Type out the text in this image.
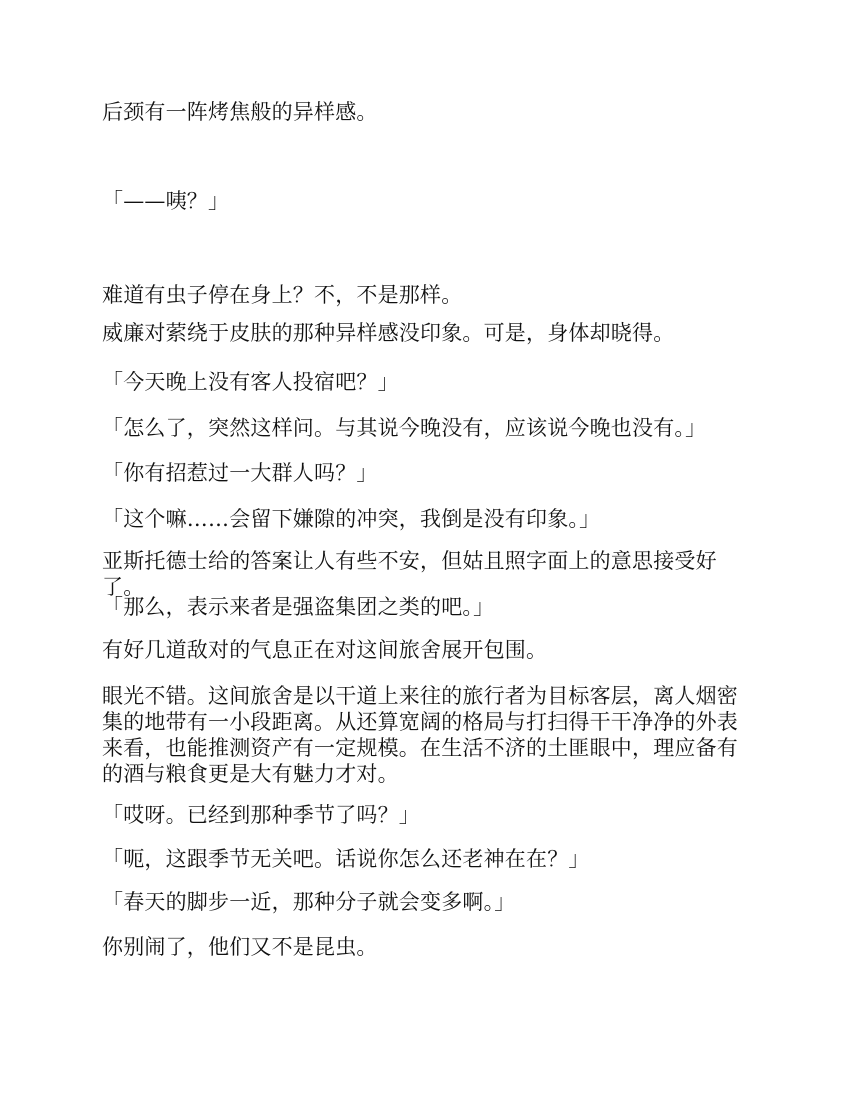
后颈有一阵烤焦般的异样感。

「——咦？」

难道有虫子停在身上？不，不是那样。

威廉对萦绕于皮肤的那种异样感没印象。可是，身体却晓得。

「今天晚上没有客人投宿吧？」

「怎么了，突然这样问。与其说今晚没有，应该说今晚也没有。」

「你有招惹过一大群人吗？」

「这个嘛……会留下嫌隙的冲突，我倒是没有印象。」

亚斯托德士给的答案让人有些不安，但姑且照字面上的意思接受好了。

「那么，表示来者是强盗集团之类的吧。」

有好几道敌对的气息正在对这间旅舍展开包围。

眼光不错。这间旅舍是以干道上来往的旅行者为目标客层，离人烟密集的地带有一小段距离。从还算宽阔的格局与打扫得干干净净的外表来看，也能推测资产有一定规模。在生活不济的土匪眼中，理应备有的酒与粮食更是大有魅力才对。

「哎呀。已经到那种季节了吗？」

「呃，这跟季节无关吧。话说你怎么还老神在在？」

「春天的脚步一近，那种分子就会变多啊。」

你别闹了，他们又不是昆虫。
